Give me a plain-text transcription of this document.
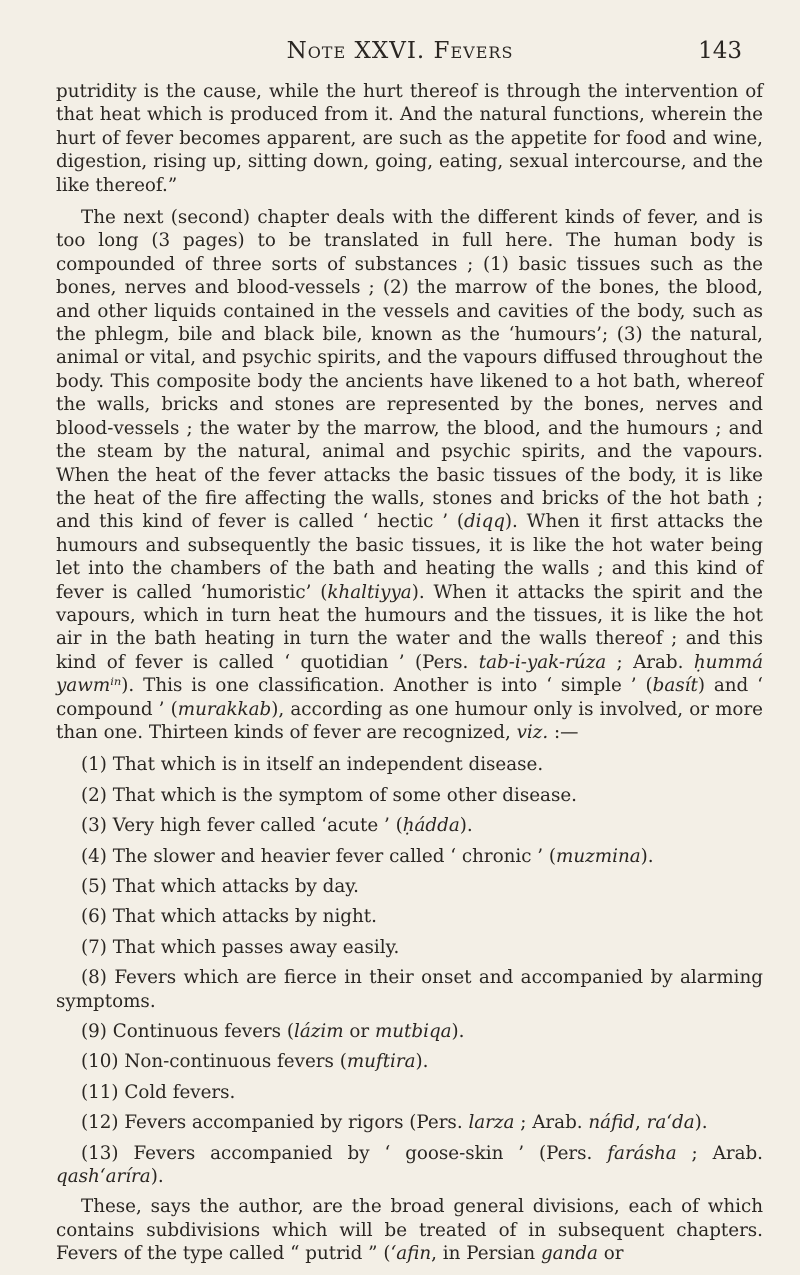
Note XXVI. Fevers	143

putridity is the cause, while the hurt thereof is through the intervention of that heat which is produced from it. And the natural functions, wherein the hurt of fever becomes apparent, are such as the appetite for food and wine, digestion, rising up, sitting down, going, eating, sexual intercourse, and the like thereof.”

The next (second) chapter deals with the different kinds of fever, and is too long (3 pages) to be translated in full here. The human body is compounded of three sorts of substances ; (1) basic tissues such as the bones, nerves and blood-vessels ; (2) the marrow of the bones, the blood, and other liquids contained in the vessels and cavities of the body, such as the phlegm, bile and black bile, known as the ‘humours’; (3) the natural, animal or vital, and psychic spirits, and the vapours diffused throughout the body. This composite body the ancients have likened to a hot bath, whereof the walls, bricks and stones are represented by the bones, nerves and blood-vessels ; the water by the marrow, the blood, and the humours ; and the steam by the natural, animal and psychic spirits, and the vapours. When the heat of the fever attacks the basic tissues of the body, it is like the heat of the fire affecting the walls, stones and bricks of the hot bath ; and this kind of fever is called ‘ hectic ’ (diqq). When it first attacks the humours and subsequently the basic tissues, it is like the hot water being let into the chambers of the bath and heating the walls ; and this kind of fever is called ‘humoristic’ (khaltiyya). When it attacks the spirit and the vapours, which in turn heat the humours and the tissues, it is like the hot air in the bath heating in turn the water and the walls thereof ; and this kind of fever is called ‘ quotidian ’ (Pers. tab-i-yak-rúza ; Arab. ḥummá yawmⁱⁿ). This is one classification. Another is into ‘ simple ’ (basít) and ‘ compound ’ (murakkab), according as one humour only is involved, or more than one. Thirteen kinds of fever are recognized, viz. :—

(1) That which is in itself an independent disease.
(2) That which is the symptom of some other disease.
(3) Very high fever called ‘acute ’ (ḥádda).
(4) The slower and heavier fever called ‘ chronic ’ (muzmina).
(5) That which attacks by day.
(6) That which attacks by night.
(7) That which passes away easily.
(8) Fevers which are fierce in their onset and accompanied by alarming symptoms.
(9) Continuous fevers (lázim or mutbiqa).
(10) Non-continuous fevers (muftira).
(11) Cold fevers.
(12) Fevers accompanied by rigors (Pers. larza ; Arab. náfid, ra‘da).
(13) Fevers accompanied by ‘ goose-skin ’ (Pers. farásha ; Arab. qash‘aríra).

These, says the author, are the broad general divisions, each of which contains subdivisions which will be treated of in subsequent chapters. Fevers of the type called “ putrid ” (‘afin, in Persian ganda or
